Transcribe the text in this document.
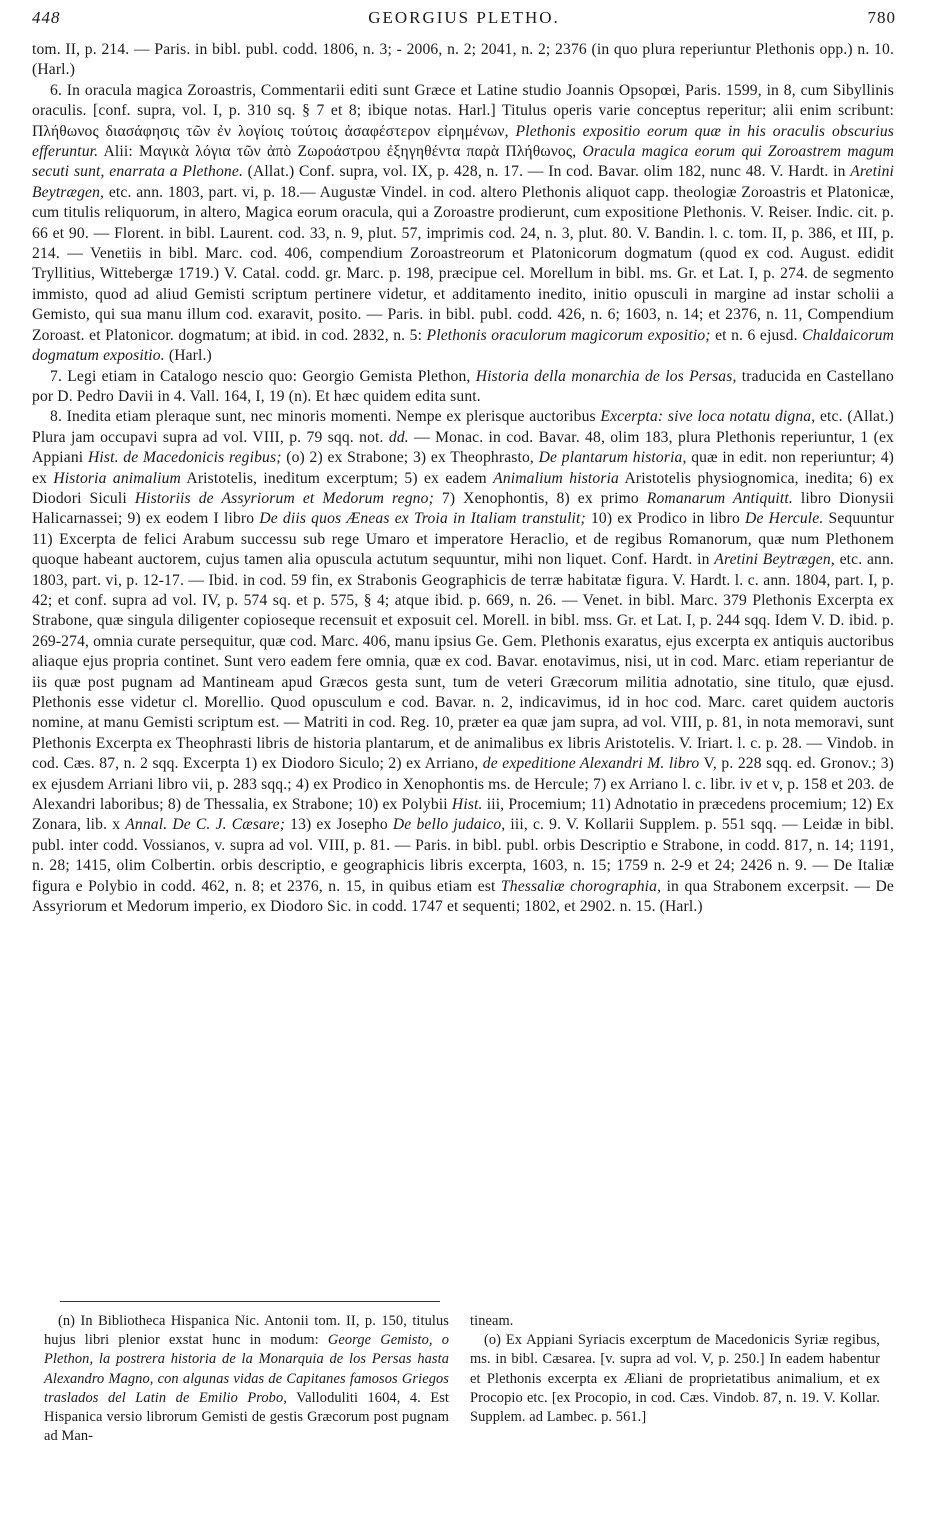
448	GEORGIUS PLETHO.	780

tom. II, p. 214. — Paris. in bibl. publ. codd. 1806, n. 3; - 2006, n. 2; 2041, n. 2; 2376 (in quo plura reperiuntur Plethonis opp.) n. 10. (Harl.)

6. In oracula magica Zoroastris, Commentarii editi sunt Græce et Latine studio Joannis Opsopœi, Paris. 1599, in 8, cum Sibyllinis oraculis. [conf. supra, vol. I, p. 310 sq. § 7 et 8; ibique notas. Harl.] Titulus operis varie conceptus reperitur; alii enim scribunt: Πλήθωνος διασάφησις τῶν ἐν λογίοις τούτοις ἀσαφέστερον εἰρημένων, Plethonis expositio eorum quæ in his oraculis obscurius efferuntur. Alii: Μαγικὰ λόγια τῶν ἀπὸ Ζωροάστρου ἐξηγηθέντα παρὰ Πλήθωνος, Oracula magica eorum qui Zoroastrem magum secuti sunt, enarrata a Plethone. (Allat.) Conf. supra, vol. IX, p. 428, n. 17. — In cod. Bavar. olim 182, nunc 48. V. Hardt. in Aretini Beytrægen, etc. ann. 1803, part. vi, p. 18.— Augustæ Vindel. in cod. altero Plethonis aliquot capp. theologiæ Zoroastris et Platonicæ, cum titulis reliquorum, in altero, Magica eorum oracula, qui a Zoroastre prodierunt, cum expositione Plethonis. V. Reiser. Indic. cit. p. 66 et 90. — Florent. in bibl. Laurent. cod. 33, n. 9, plut. 57, imprimis cod. 24, n. 3, plut. 80. V. Bandin. l. c. tom. II, p. 386, et III, p. 214. — Venetiis in bibl. Marc. cod. 406, compendium Zoroastreorum et Platonicorum dogmatum (quod ex cod. August. edidit Tryllitius, Wittebergæ 1719.) V. Catal. codd. gr. Marc. p. 198, præcipue cel. Morellum in bibl. ms. Gr. et Lat. I, p. 274. de segmento immisto, quod ad aliud Gemisti scriptum pertinere videtur, et additamento inedito, initio opusculi in margine ad instar scholii a Gemisto, qui sua manu illum cod. exaravit, posito. — Paris. in bibl. publ. codd. 426, n. 6; 1603, n. 14; et 2376, n. 11, Compendium Zoroast. et Platonicor. dogmatum; at ibid. in cod. 2832, n. 5: Plethonis oraculorum magicorum expositio; et n. 6 ejusd. Chaldaicorum dogmatum expositio. (Harl.)

7. Legi etiam in Catalogo nescio quo: Georgio Gemista Plethon, Historia della monarchia de los Persas, traducida en Castellano por D. Pedro Davii in 4. Vall. 164, I, 19 (n). Et hæc quidem edita sunt.

8. Inedita etiam pleraque sunt, nec minoris momenti. Nempe ex plerisque auctoribus Excerpta: sive loca notatu digna, etc. (Allat.) Plura jam occupavi supra ad vol. VIII, p. 79 sqq. not. dd. — Monac. in cod. Bavar. 48, olim 183, plura Plethonis reperiuntur, 1 (ex Appiani Hist. de Macedonicis regibus; (o) 2) ex Strabone; 3) ex Theophrasto, De plantarum historia, quæ in edit. non reperiuntur; 4) ex Historia animalium Aristotelis, ineditum excerptum; 5) ex eadem Animalium historia Aristotelis physiognomica, inedita; 6) ex Diodori Siculi Historiis de Assyriorum et Medorum regno; 7) Xenophontis, 8) ex primo Romanarum Antiquitt. libro Dionysii Halicarnassei; 9) ex eodem I libro De diis quos Æneas ex Troia in Italiam transtulit; 10) ex Prodico in libro De Hercule. Sequuntur 11) Excerpta de felici Arabum successu sub rege Umaro et imperatore Heraclio, et de regibus Romanorum, quæ num Plethonem quoque habeant auctorem, cujus tamen alia opuscula actutum sequuntur, mihi non liquet. Conf. Hardt. in Aretini Beytrægen, etc. ann. 1803, part. vi, p. 12-17. — Ibid. in cod. 59 fin, ex Strabonis Geographicis de terræ habitatæ figura. V. Hardt. l. c. ann. 1804, part. I, p. 42; et conf. supra ad vol. IV, p. 574 sq. et p. 575, § 4; atque ibid. p. 669, n. 26. — Venet. in bibl. Marc. 379 Plethonis Excerpta ex Strabone, quæ singula diligenter copioseque recensuit et exposuit cel. Morell. in bibl. mss. Gr. et Lat. I, p. 244 sqq. Idem V. D. ibid. p. 269-274, omnia curate persequitur, quæ cod. Marc. 406, manu ipsius Ge. Gem. Plethonis exaratus, ejus excerpta ex antiquis auctoribus aliaque ejus propria continet. Sunt vero eadem fere omnia, quæ ex cod. Bavar. enotavimus, nisi, ut in cod. Marc. etiam reperiantur de iis quæ post pugnam ad Mantineam apud Græcos gesta sunt, tum de veteri Græcorum militia adnotatio, sine titulo, quæ ejusd. Plethonis esse videtur cl. Morellio. Quod opusculum e cod. Bavar. n. 2, indicavimus, id in hoc cod. Marc. caret quidem auctoris nomine, at manu Gemisti scriptum est. — Matriti in cod. Reg. 10, præter ea quæ jam supra, ad vol. VIII, p. 81, in nota memoravi, sunt Plethonis Excerpta ex Theophrasti libris de historia plantarum, et de animalibus ex libris Aristotelis. V. Iriart. l. c. p. 28. — Vindob. in cod. Cæs. 87, n. 2 sqq. Excerpta 1) ex Diodoro Siculo; 2) ex Arriano, de expeditione Alexandri M. libro V, p. 228 sqq. ed. Gronov.; 3) ex ejusdem Arriani libro vii, p. 283 sqq.; 4) ex Prodico in Xenophontis ms. de Hercule; 7) ex Arriano l. c. libr. iv et v, p. 158 et 203. de Alexandri laboribus; 8) de Thessalia, ex Strabone; 10) ex Polybii Hist. iii, Procemium; 11) Adnotatio in præcedens procemium; 12) Ex Zonara, lib. x Annal. De C. J. Cæsare; 13) ex Josepho De bello judaico, iii, c. 9. V. Kollarii Supplem. p. 551 sqq. — Leidæ in bibl. publ. inter codd. Vossianos, v. supra ad vol. VIII, p. 81. — Paris. in bibl. publ. orbis Descriptio e Strabone, in codd. 817, n. 14; 1191, n. 28; 1415, olim Colbertin. orbis descriptio, e geographicis libris excerpta, 1603, n. 15; 1759 n. 2-9 et 24; 2426 n. 9. — De Italiæ figura e Polybio in codd. 462, n. 8; et 2376, n. 15, in quibus etiam est Thessaliæ chorographia, in qua Strabonem excerpsit. — De Assyriorum et Medorum imperio, ex Diodoro Sic. in codd. 1747 et sequenti; 1802, et 2902. n. 15. (Harl.)

(n) In Bibliotheca Hispanica Nic. Antonii tom. II, p. 150, titulus hujus libri plenior exstat hunc in modum: George Gemisto, o Plethon, la postrera historia de la Monarquia de los Persas hasta Alexandro Magno, con algunas vidas de Capitanes famosos Griegos traslados del Latin de Emilio Probo, Valloduliti 1604, 4. Est Hispanica versio librorum Gemisti de gestis Græcorum post pugnam ad Man-

tineam.

(o) Ex Appiani Syriacis excerptum de Macedonicis Syriæ regibus, ms. in bibl. Cæsarea. [v. supra ad vol. V, p. 250.] In eadem habentur et Plethonis excerpta ex Æliani de proprietatibus animalium, et ex Procopio etc. [ex Procopio, in cod. Cæs. Vindob. 87, n. 19. V. Kollar. Supplem. ad Lambec. p. 561.]
